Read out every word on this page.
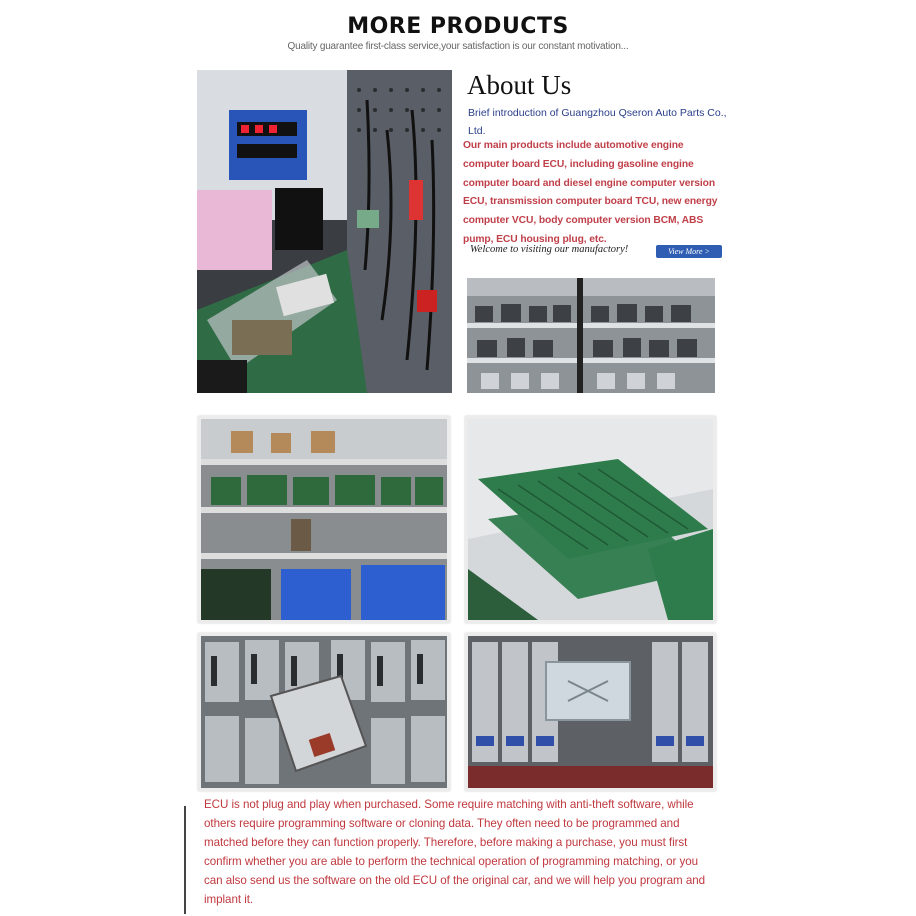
MORE PRODUCTS
Quality guarantee first-class service,your satisfaction is our constant motivation...
About Us
Brief introduction of Guangzhou Qseron Auto Parts Co., Ltd.
Our main products include automotive engine computer board ECU, including gasoline engine computer board and diesel engine computer version ECU, transmission computer board TCU, new energy computer VCU, body computer version BCM, ABS pump, ECU housing plug, etc.
Welcome to visiting our manufactory!	View More >
ECU is not plug and play when purchased. Some require matching with anti-theft software, while others require programming software or cloning data. They often need to be programmed and matched before they can function properly. Therefore, before making a purchase, you must first confirm whether you are able to perform the technical operation of programming matching, or you can also send us the software on the old ECU of the original car, and we will help you program and implant it.
